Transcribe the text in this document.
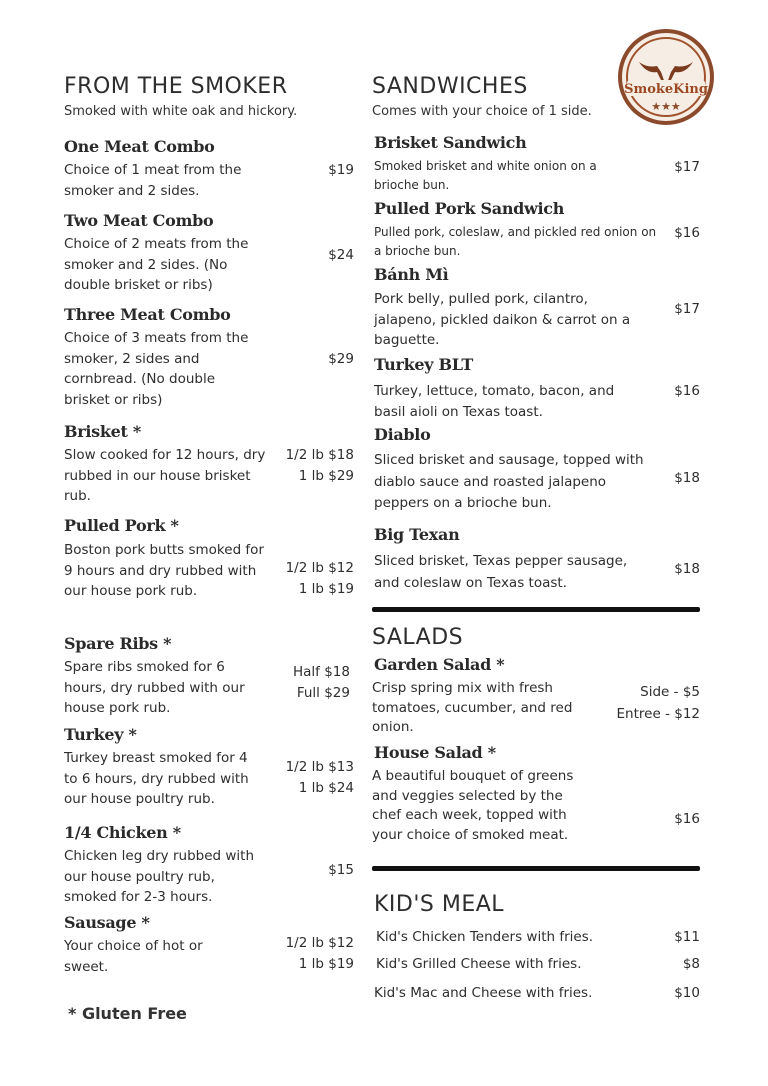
SmokeKing
★★★
FROM THE SMOKER
Smoked with white oak and hickory.
One Meat Combo
Choice of 1 meat from the smoker and 2 sides.
$19
Two Meat Combo
Choice of 2 meats from the smoker and 2 sides. (No double brisket or ribs)
$24
Three Meat Combo
Choice of 3 meats from the smoker, 2 sides and cornbread. (No double brisket or ribs)
$29
Brisket *
Slow cooked for 12 hours, dry rubbed in our house brisket rub.
1/2 lb $18
1 lb $29
Pulled Pork *
Boston pork butts smoked for 9 hours and dry rubbed with our house pork rub.
1/2 lb $12
1 lb $19
Spare Ribs *
Spare ribs smoked for 6 hours, dry rubbed with our house pork rub.
Half $18
Full $29
Turkey *
Turkey breast smoked for 4 to 6 hours, dry rubbed with our house poultry rub.
1/2 lb $13
1 lb $24
1/4 Chicken *
Chicken leg dry rubbed with our house poultry rub, smoked for 2-3 hours.
$15
Sausage *
Your choice of hot or sweet.
1/2 lb $12
1 lb $19
* Gluten Free
SANDWICHES
Comes with your choice of 1 side.
Brisket Sandwich
Smoked brisket and white onion on a brioche bun.
$17
Pulled Pork Sandwich
Pulled pork, coleslaw, and pickled red onion on a brioche bun.
$16
Bánh Mì
Pork belly, pulled pork, cilantro, jalapeno, pickled daikon & carrot on a baguette.
$17
Turkey BLT
Turkey, lettuce, tomato, bacon, and basil aioli on Texas toast.
$16
Diablo
Sliced brisket and sausage, topped with diablo sauce and roasted jalapeno peppers on a brioche bun.
$18
Big Texan
Sliced brisket, Texas pepper sausage, and coleslaw on Texas toast.
$18
SALADS
Garden Salad *
Crisp spring mix with fresh tomatoes, cucumber, and red onion.
Side - $5
Entree - $12
House Salad *
A beautiful bouquet of greens and veggies selected by the chef each week, topped with your choice of smoked meat.
$16
KID'S MEAL
Kid's Chicken Tenders with fries.	$11
Kid's Grilled Cheese with fries.	$8
Kid's Mac and Cheese with fries.	$10
